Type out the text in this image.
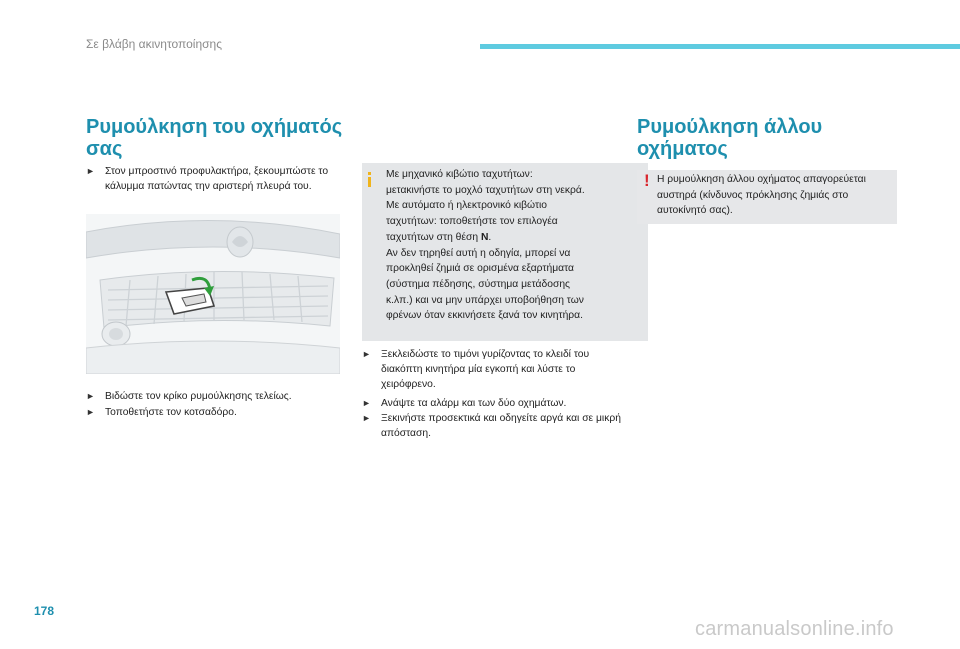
Σε βλάβη ακινητοποίησης
Ρυμούλκηση του οχήματός
σας
► Στον μπροστινό προφυλακτήρα, ξεκουμπώστε το κάλυμμα πατώντας την αριστερή πλευρά του.
► Βιδώστε τον κρίκο ρυμούλκησης τελείως.
► Τοποθετήστε τον κοτσαδόρο.
Με μηχανικό κιβώτιο ταχυτήτων:
μετακινήστε το μοχλό ταχυτήτων στη νεκρά.
Με αυτόματο ή ηλεκτρονικό κιβώτιο
ταχυτήτων: τοποθετήστε τον επιλογέα
ταχυτήτων στη θέση N.
Αν δεν τηρηθεί αυτή η οδηγία, μπορεί να
προκληθεί ζημιά σε ορισμένα εξαρτήματα
(σύστημα πέδησης, σύστημα μετάδοσης
κ.λπ.) και να μην υπάρχει υποβοήθηση των
φρένων όταν εκκινήσετε ξανά τον κινητήρα.
► Ξεκλειδώστε το τιμόνι γυρίζοντας το κλειδί του διακόπτη κινητήρα μία εγκοπή και λύστε το χειρόφρενο.
► Ανάψτε τα αλάρμ και των δύο οχημάτων.
► Ξεκινήστε προσεκτικά και οδηγείτε αργά και σε μικρή απόσταση.
Ρυμούλκηση άλλου
οχήματος
! Η ρυμούλκηση άλλου οχήματος απαγορεύεται αυστηρά (κίνδυνος πρόκλησης ζημιάς στο αυτοκίνητό σας).
178
carmanualsonline.info
